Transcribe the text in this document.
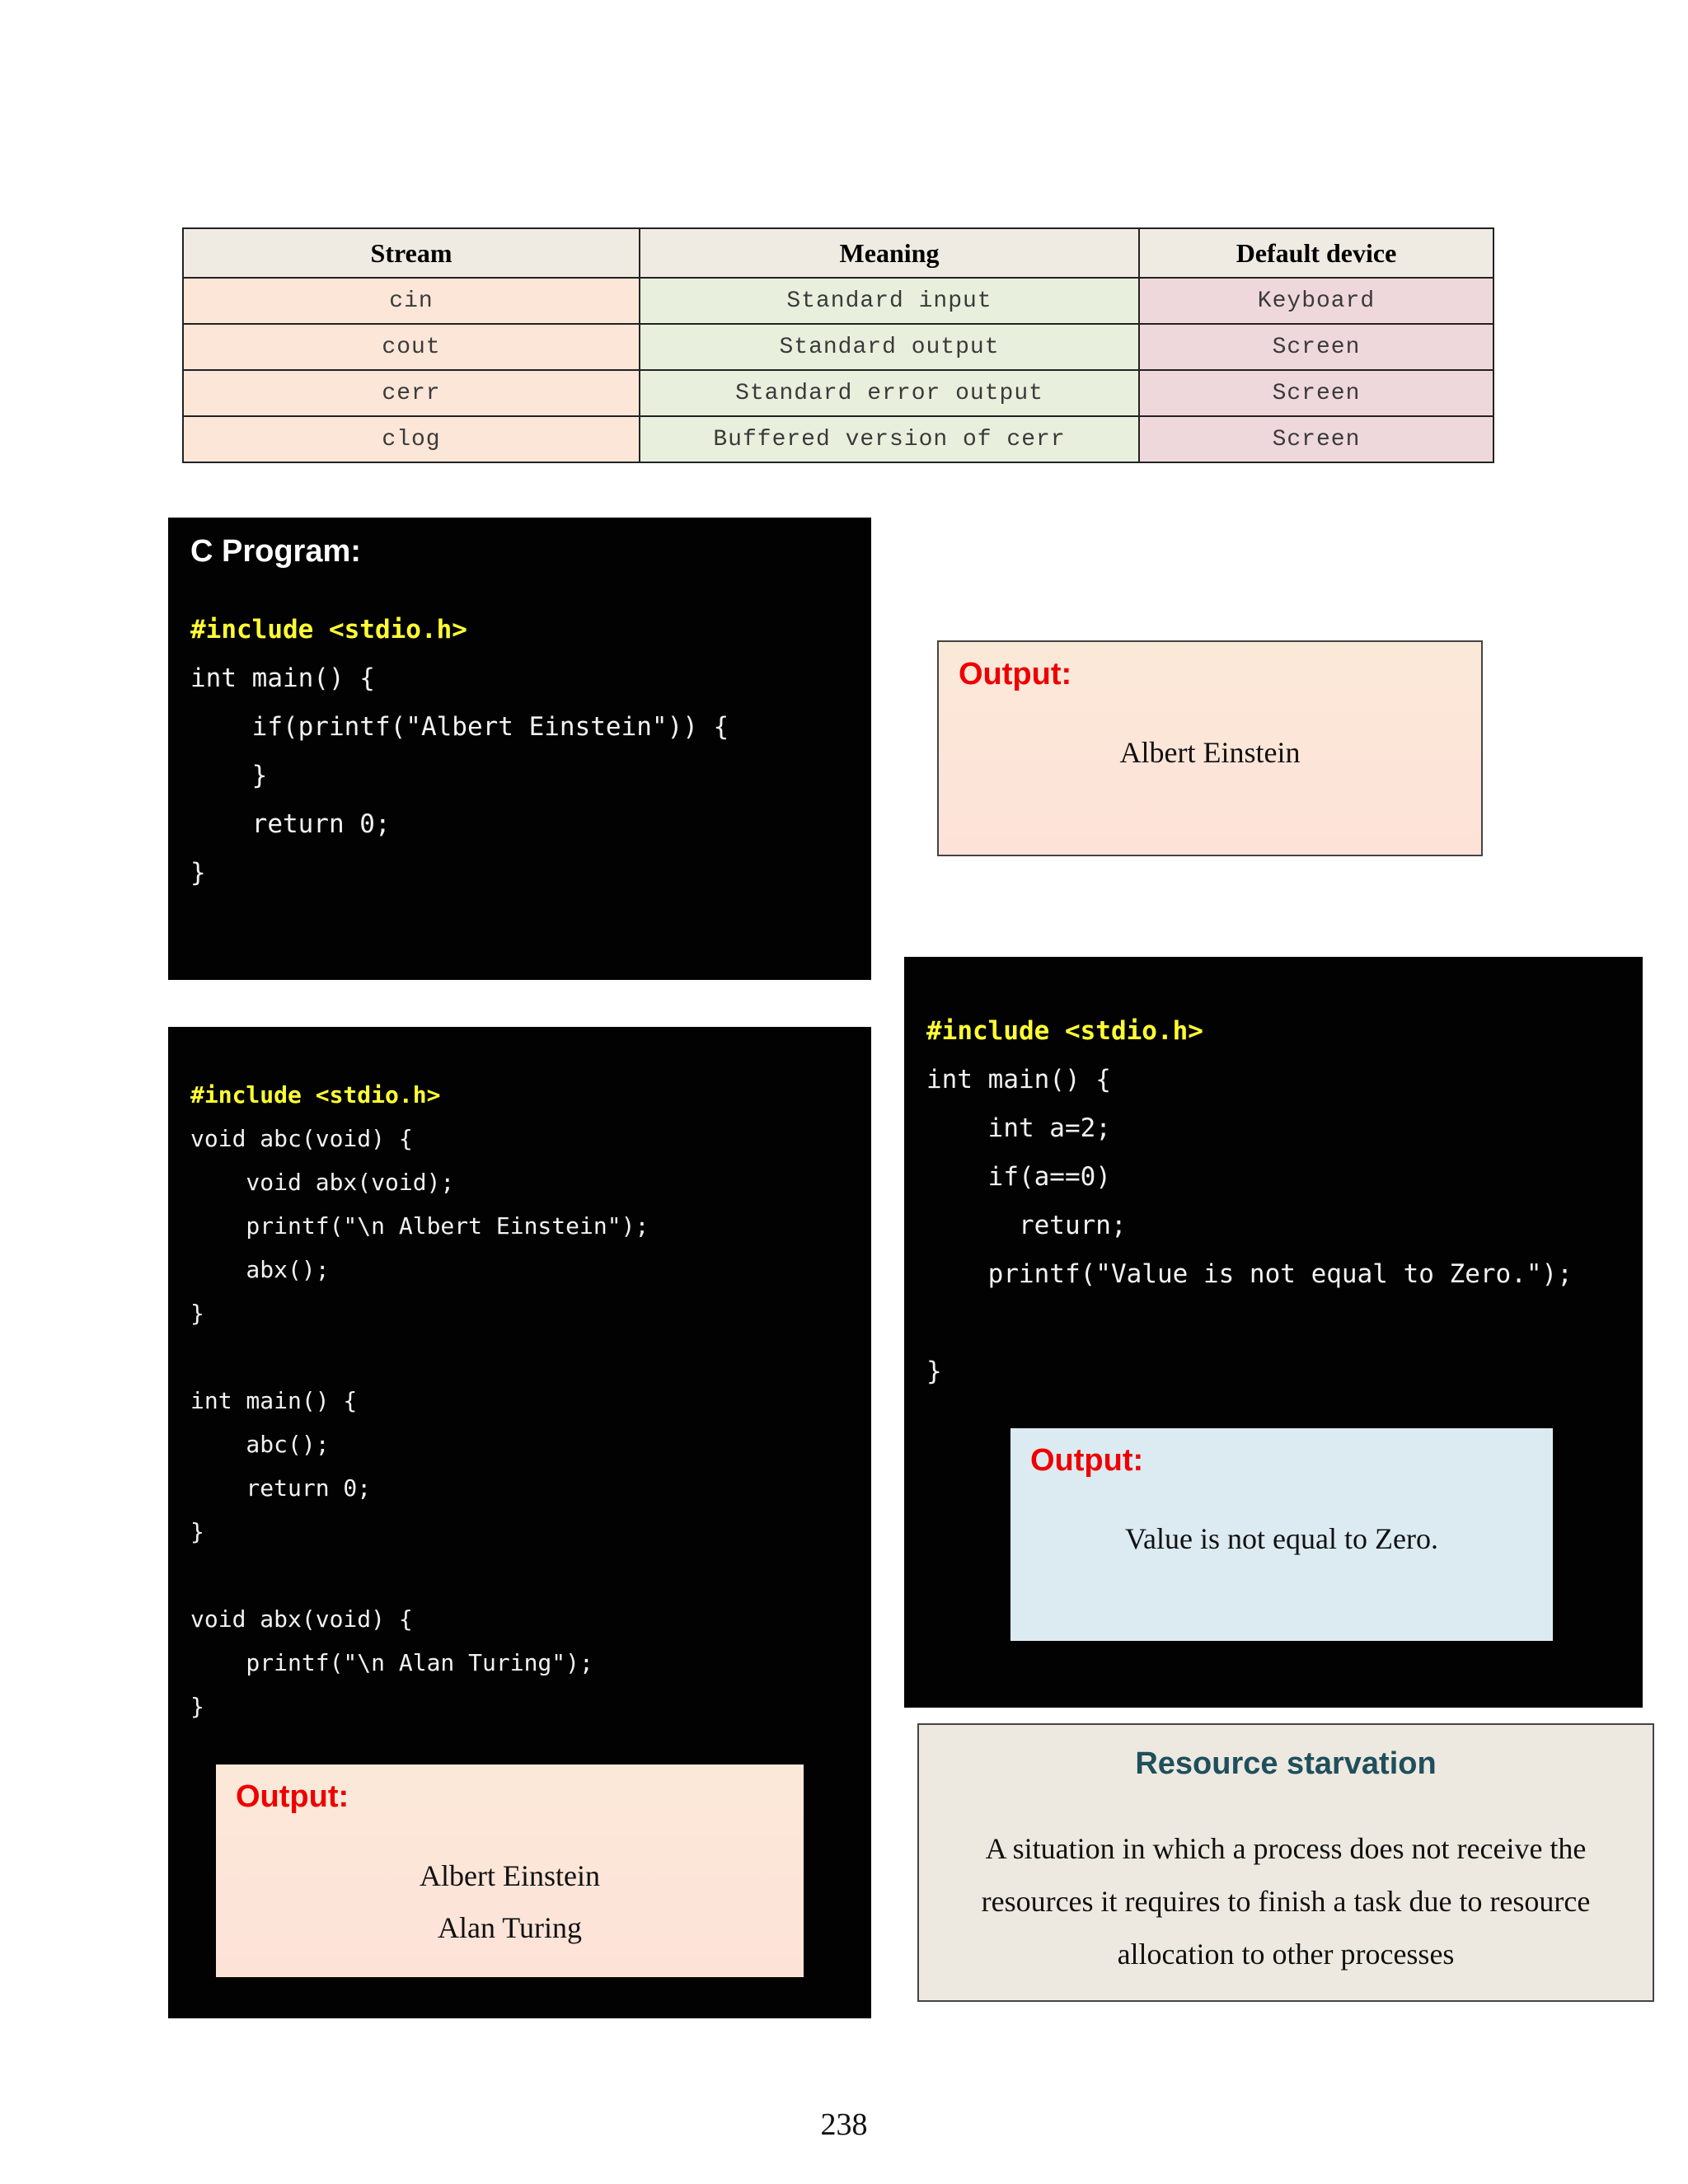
Stream	Meaning	Default device
cin	Standard input	Keyboard
cout	Standard output	Screen
cerr	Standard error output	Screen
clog	Buffered version of cerr	Screen
C Program:
#include <stdio.h>
int main() {
if(printf("Albert Einstein")) {
}
return 0;
}
Output:
Albert Einstein
#include <stdio.h>
void abc(void) {
void abx(void);
printf("\n Albert Einstein");
abx();
}
int main() {
abc();
return 0;
}
void abx(void) {
printf("\n Alan Turing");
}
Output:
Albert Einstein
Alan Turing
#include <stdio.h>
int main() {
int a=2;
if(a==0)
return;
printf("Value is not equal to Zero.");
}
Output:
Value is not equal to Zero.
Resource starvation
A situation in which a process does not receive the resources it requires to finish a task due to resource allocation to other processes
238
